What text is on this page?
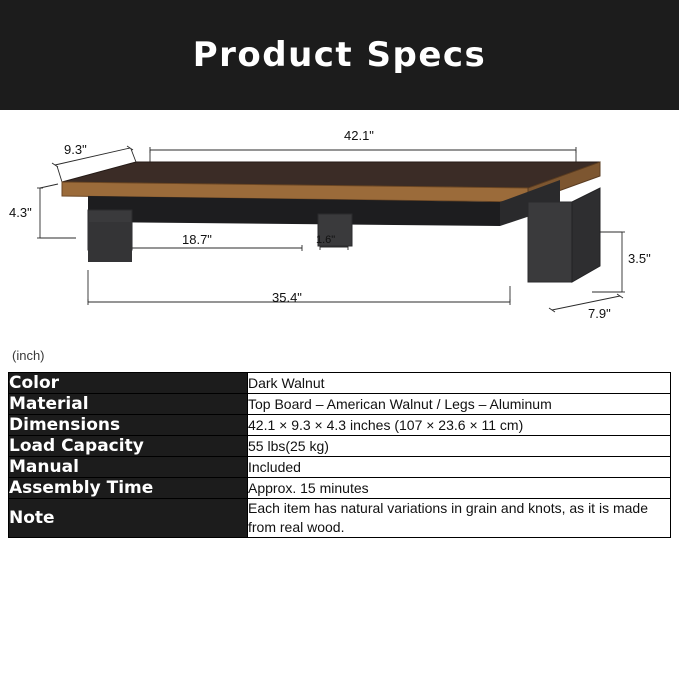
Product Specs
9.3"
42.1"
4.3"
18.7"	1.6"
35.4"
3.5"
7.9"
(inch)
Color	Dark Walnut
Material	Top Board – American Walnut / Legs – Aluminum
Dimensions	42.1 × 9.3 × 4.3 inches (107 × 23.6 × 11 cm)
Load Capacity	55 lbs(25 kg)
Manual	Included
Assembly Time	Approx. 15 minutes
Note	Each item has natural variations in grain and knots, as it is made from real wood.
